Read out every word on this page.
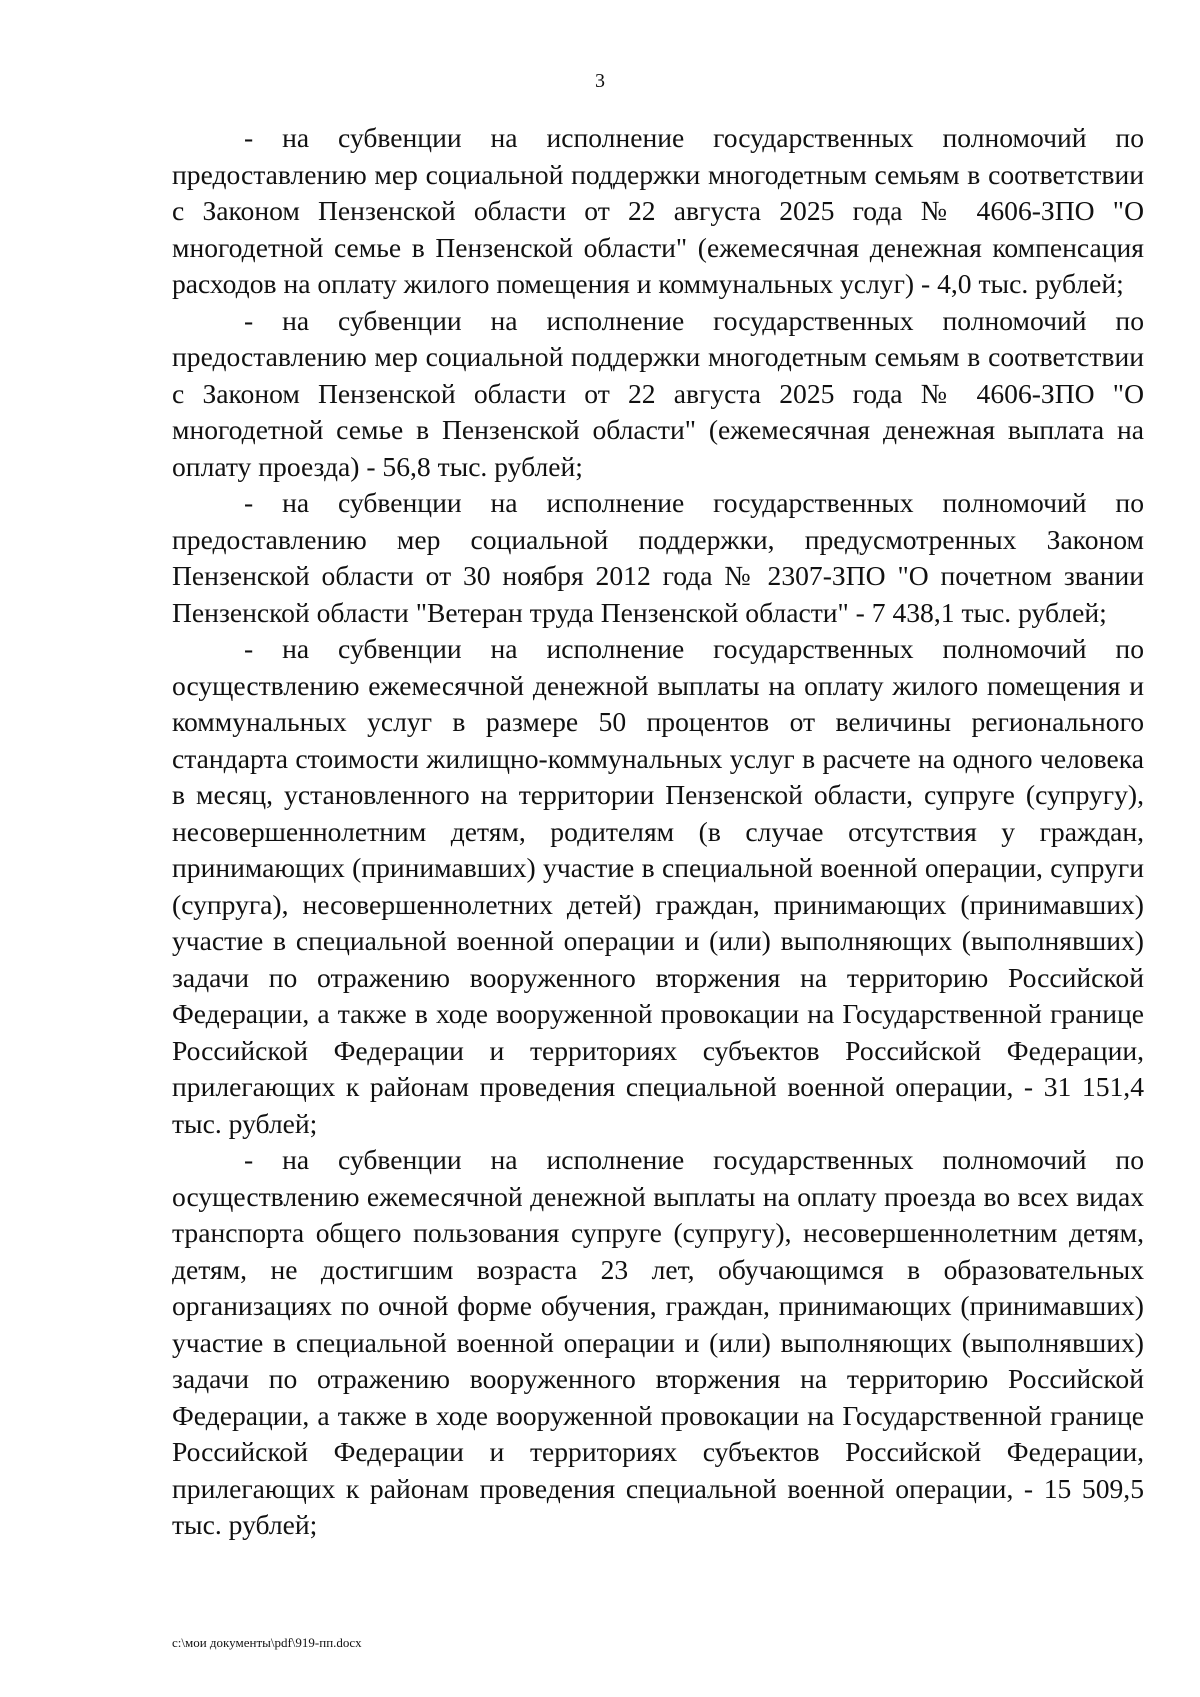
3

- на субвенции на исполнение государственных полномочий по предоставлению мер социальной поддержки многодетным семьям в соответствии с Законом Пензенской области от 22 августа 2025 года № 4606-ЗПО "О многодетной семье в Пензенской области" (ежемесячная денежная компенсация расходов на оплату жилого помещения и коммунальных услуг) - 4,0 тыс. рублей;

- на субвенции на исполнение государственных полномочий по предоставлению мер социальной поддержки многодетным семьям в соответствии с Законом Пензенской области от 22 августа 2025 года № 4606-ЗПО "О многодетной семье в Пензенской области" (ежемесячная денежная выплата на оплату проезда) - 56,8 тыс. рублей;

- на субвенции на исполнение государственных полномочий по предоставлению мер социальной поддержки, предусмотренных Законом Пензенской области от 30 ноября 2012 года № 2307-ЗПО "О почетном звании Пензенской области "Ветеран труда Пензенской области" - 7 438,1 тыс. рублей;

- на субвенции на исполнение государственных полномочий по осуществлению ежемесячной денежной выплаты на оплату жилого помещения и коммунальных услуг в размере 50 процентов от величины регионального стандарта стоимости жилищно-коммунальных услуг в расчете на одного человека в месяц, установленного на территории Пензенской области, супруге (супругу), несовершеннолетним детям, родителям (в случае отсутствия у граждан, принимающих (принимавших) участие в специальной военной операции, супруги (супруга), несовершеннолетних детей) граждан, принимающих (принимавших) участие в специальной военной операции и (или) выполняющих (выполнявших) задачи по отражению вооруженного вторжения на территорию Российской Федерации, а также в ходе вооруженной провокации на Государственной границе Российской Федерации и территориях субъектов Российской Федерации, прилегающих к районам проведения специальной военной операции, - 31 151,4 тыс. рублей;

- на субвенции на исполнение государственных полномочий по осуществлению ежемесячной денежной выплаты на оплату проезда во всех видах транспорта общего пользования супруге (супругу), несовершеннолетним детям, детям, не достигшим возраста 23 лет, обучающимся в образовательных организациях по очной форме обучения, граждан, принимающих (принимавших) участие в специальной военной операции и (или) выполняющих (выполнявших) задачи по отражению вооруженного вторжения на территорию Российской Федерации, а также в ходе вооруженной провокации на Государственной границе Российской Федерации и территориях субъектов Российской Федерации, прилегающих к районам проведения специальной военной операции, - 15 509,5 тыс. рублей;

c:\мои документы\pdf\919-пп.docx
